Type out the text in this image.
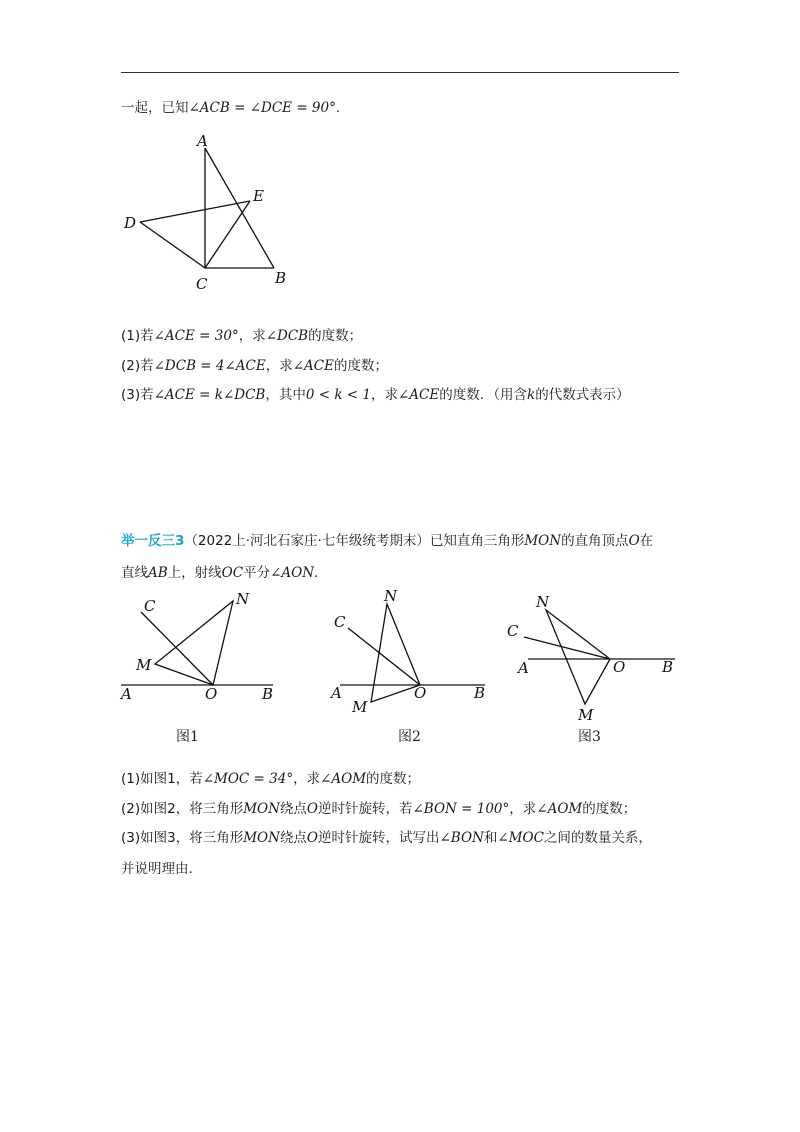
一起，已知∠ACB = ∠DCE = 90°.
A
E
D
C	B
(1)若∠ACE = 30°，求∠DCB的度数；
(2)若∠DCB = 4∠ACE，求∠ACE的度数；
(3)若∠ACE = k∠DCB，其中0 < k < 1，求∠ACE的度数．（用含k的代数式表示）
举一反三3（2022上·河北石家庄·七年级统考期末）已知直角三角形MON的直角顶点O在
直线AB上，射线OC平分∠AON.
C	N
M
A	O	B
图1
N
C
A	O	B
M
图2
N
C
A	O B
M
图3
(1)如图1，若∠MOC = 34°，求∠AOM的度数；
(2)如图2，将三角形MON绕点O逆时针旋转，若∠BON = 100°，求∠AOM的度数；
(3)如图3，将三角形MON绕点O逆时针旋转，试写出∠BON和∠MOC之间的数量关系，
并说明理由.
